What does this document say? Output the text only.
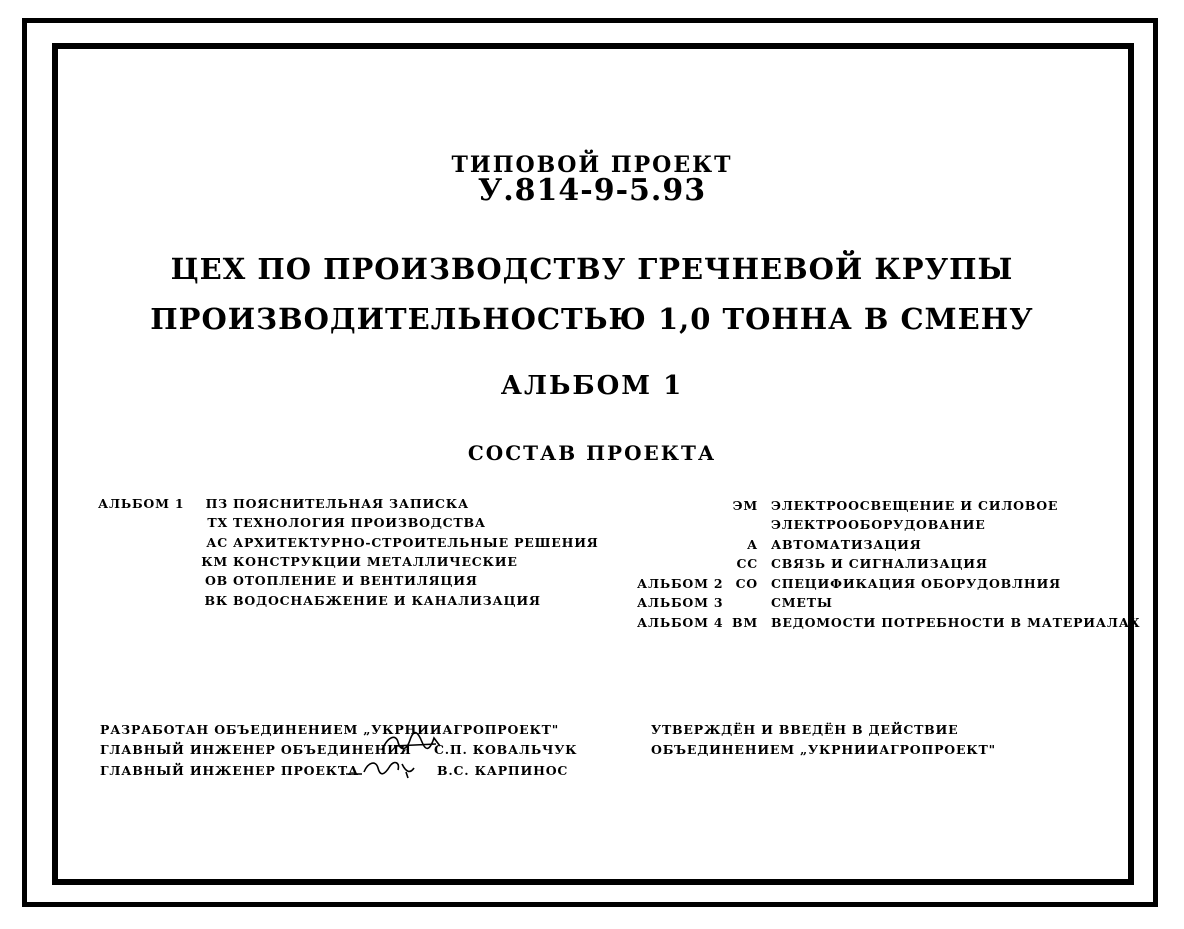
ТИПОВОЙ ПРОЕКТ
У.814-9-5.93
ЦЕХ ПО ПРОИЗВОДСТВУ ГРЕЧНЕВОЙ КРУПЫ
ПРОИЗВОДИТЕЛЬНОСТЬЮ 1,0 ТОННА В СМЕНУ
АЛЬБОМ 1
СОСТАВ ПРОЕКТА
АЛЬБОМ 1	ПЗ ПОЯСНИТЕЛЬНАЯ ЗАПИСКА
ТХ ТЕХНОЛОГИЯ ПРОИЗВОДСТВА
АС АРХИТЕКТУРНО-СТРОИТЕЛЬНЫЕ РЕШЕНИЯ
КМ КОНСТРУКЦИИ МЕТАЛЛИЧЕСКИЕ
ОВ ОТОПЛЕНИЕ И ВЕНТИЛЯЦИЯ
ВК ВОДОСНАБЖЕНИЕ И КАНАЛИЗАЦИЯ
ЭМ ЭЛЕКТРООСВЕЩЕНИЕ И СИЛОВОЕ
ЭЛЕКТРООБОРУДОВАНИЕ
А АВТОМАТИЗАЦИЯ
СС СВЯЗЬ И СИГНАЛИЗАЦИЯ
АЛЬБОМ 2 СО СПЕЦИФИКАЦИЯ ОБОРУДОВЛНИЯ
АЛЬБОМ 3	СМЕТЫ
АЛЬБОМ 4 ВМ ВЕДОМОСТИ ПОТРЕБНОСТИ В МАТЕРИАЛАХ
РАЗРАБОТАН ОБЪЕДИНЕНИЕМ „УКРНИИАГРОПРОЕКТ"
ГЛАВНЫЙ ИНЖЕНЕР ОБЪЕДИНЕНИЯ С.П. КОВАЛЬЧУК
ГЛАВНЫЙ ИНЖЕНЕР ПРОЕКТА	В.С. КАРПИНОС
УТВЕРЖДЁН И ВВЕДЁН В ДЕЙСТВИЕ
ОБЪЕДИНЕНИЕМ „УКРНИИАГРОПРОЕКТ"
